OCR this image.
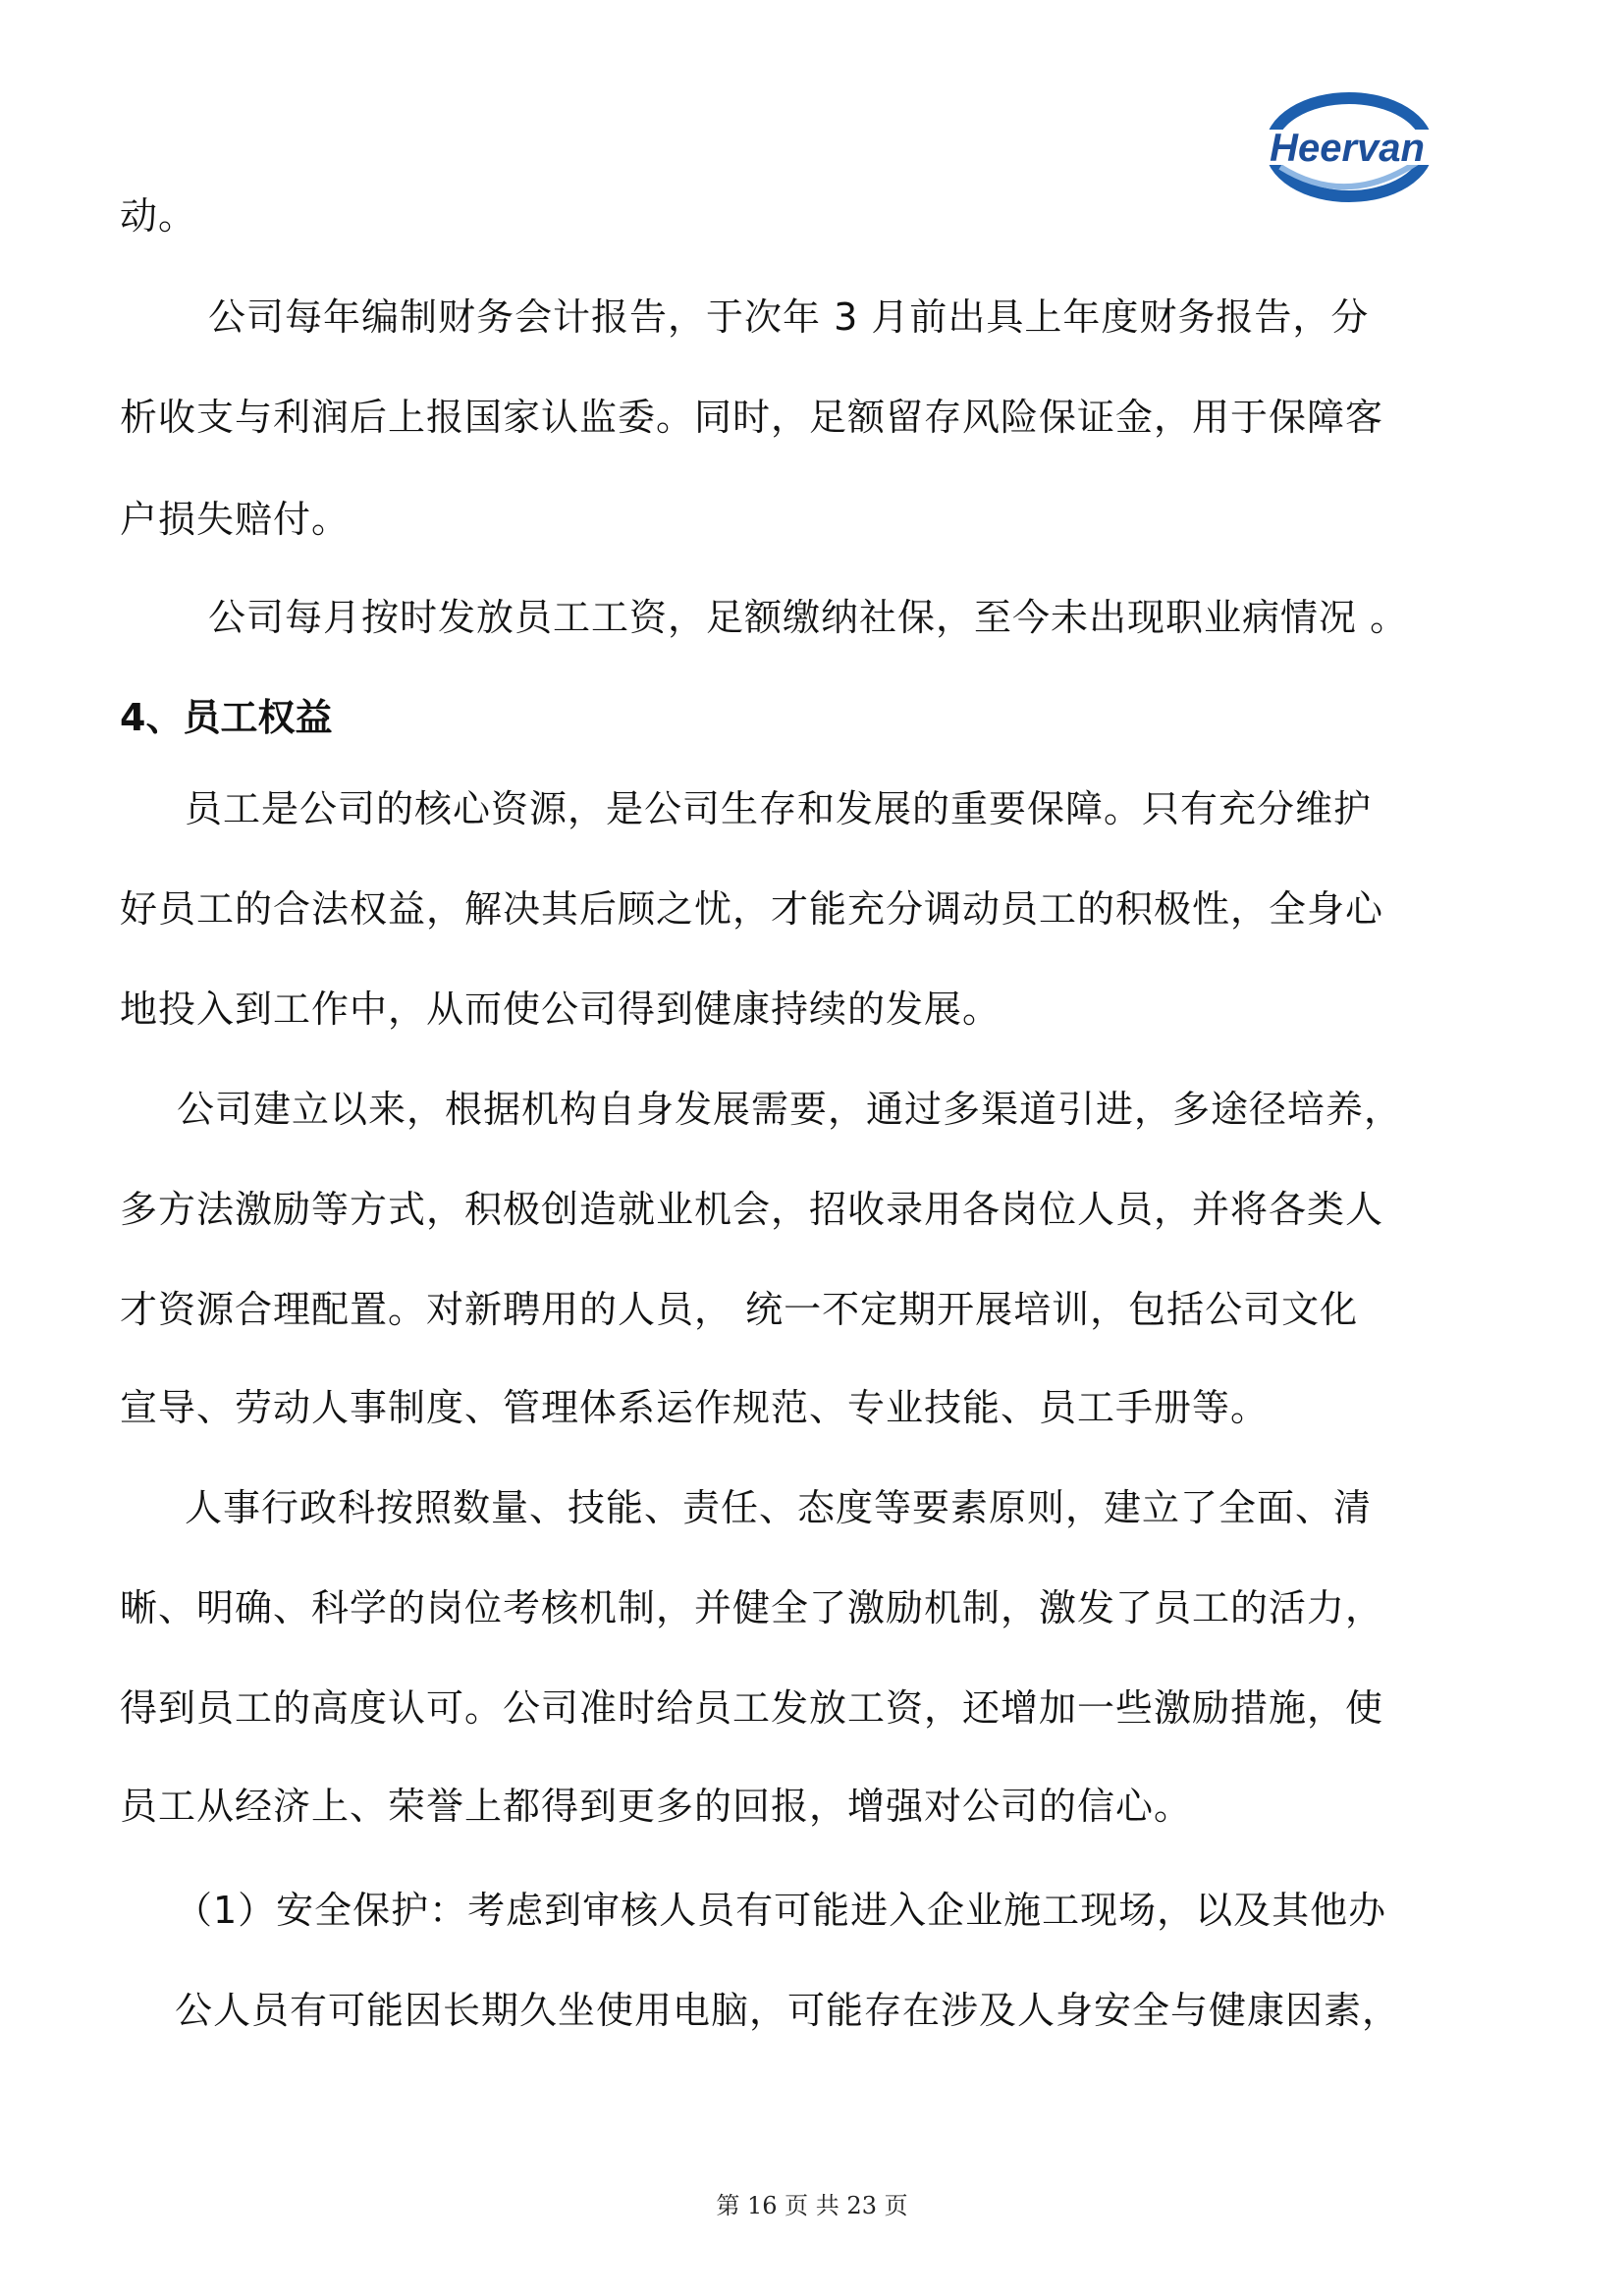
Heervan
动。
公司每年编制财务会计报告，于次年 3 月前出具上年度财务报告，分
析收支与利润后上报国家认监委。同时，足额留存风险保证金，用于保障客
户损失赔付。
公司每月按时发放员工工资，足额缴纳社保，至今未出现职业病情况 。
4、员工权益
员工是公司的核心资源，是公司生存和发展的重要保障。只有充分维护
好员工的合法权益，解决其后顾之忧，才能充分调动员工的积极性，全身心
地投入到工作中，从而使公司得到健康持续的发展。
公司建立以来，根据机构自身发展需要，通过多渠道引进，多途径培养，
多方法激励等方式，积极创造就业机会，招收录用各岗位人员，并将各类人
才资源合理配置。对新聘用的人员， 统一不定期开展培训，包括公司文化
宣导、劳动人事制度、管理体系运作规范、专业技能、员工手册等。
人事行政科按照数量、技能、责任、态度等要素原则，建立了全面、清
晰、明确、科学的岗位考核机制，并健全了激励机制，激发了员工的活力，
得到员工的高度认可。公司准时给员工发放工资，还增加一些激励措施，使
员工从经济上、荣誉上都得到更多的回报，增强对公司的信心。
（1）安全保护：考虑到审核人员有可能进入企业施工现场，以及其他办
公人员有可能因长期久坐使用电脑，可能存在涉及人身安全与健康因素，
第 16 页 共 23 页
